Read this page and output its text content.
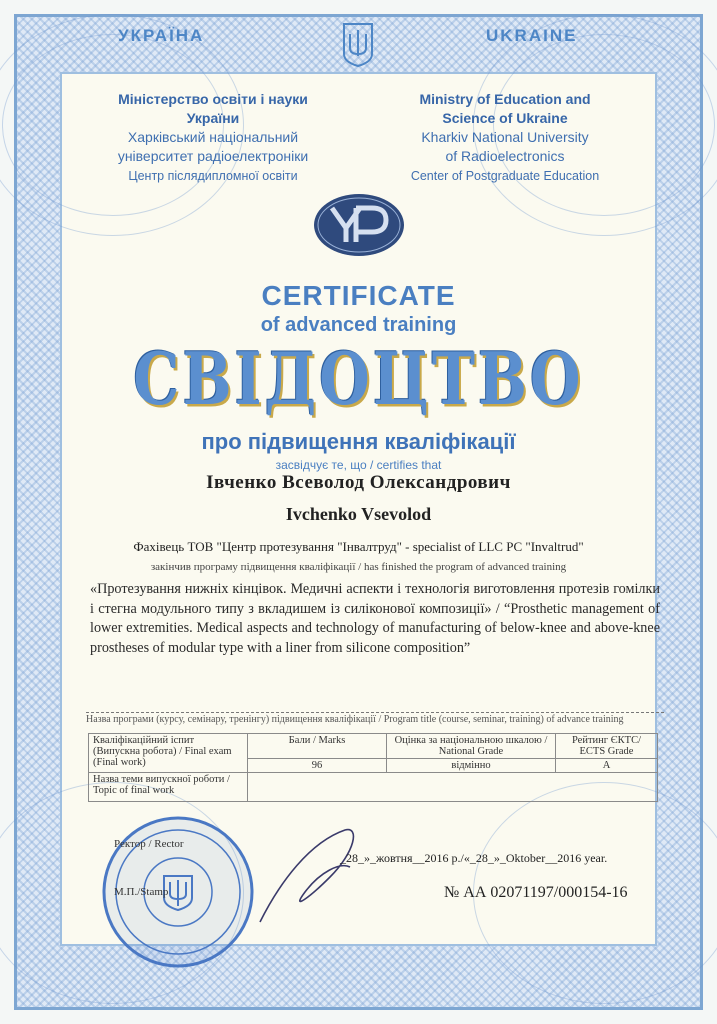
УКРАЇНА	UKRAINE
Міністерство освіти і науки
України
Харківський національний
університет радіоелектроніки
Центр післядипломної освіти
Ministry of Education and
Science of Ukraine
Kharkiv National University
of Radioelectronics
Center of Postgraduate Education
CERTIFICATE
of advanced training
СВІДОЦТВО
про підвищення кваліфікації
засвідчує те, що / certifies that
Івченко Всеволод Олександрович
Ivchenko Vsevolod
Фахівець ТОВ "Центр протезування "Інвалтруд" - specialist of LLC PC "Invaltrud"
закінчив програму підвищення кваліфікації / has finished the program of advanced training
«Протезування нижніх кінцівок. Медичні аспекти і технологія виготовлення протезів гомілки і стегна модульного типу з вкладишем із силіконової композиції» / “Prosthetic management of lower extremities. Medical aspects and technology of manufacturing of below-knee and above-knee prostheses of modular type with a liner from silicone composition”
Назва програми (курсу, семінару, тренінгу) підвищення кваліфікації / Program title (course, seminar, training) of advance training
Кваліфікаційний іспит (Випускна робота) / Final exam (Final work)	Бали / Marks	Оцінка за національною шкалою / National Grade	Рейтинг ЄКТС/ ECTS Grade
	96	відмінно	A
Назва теми випускної роботи / Topic of final work			
Ректор / Rector
М.П./Stamp
_28_»_жовтня__2016 р./«_28_»_Oktober__2016 year.
№ АА 02071197/000154-16
